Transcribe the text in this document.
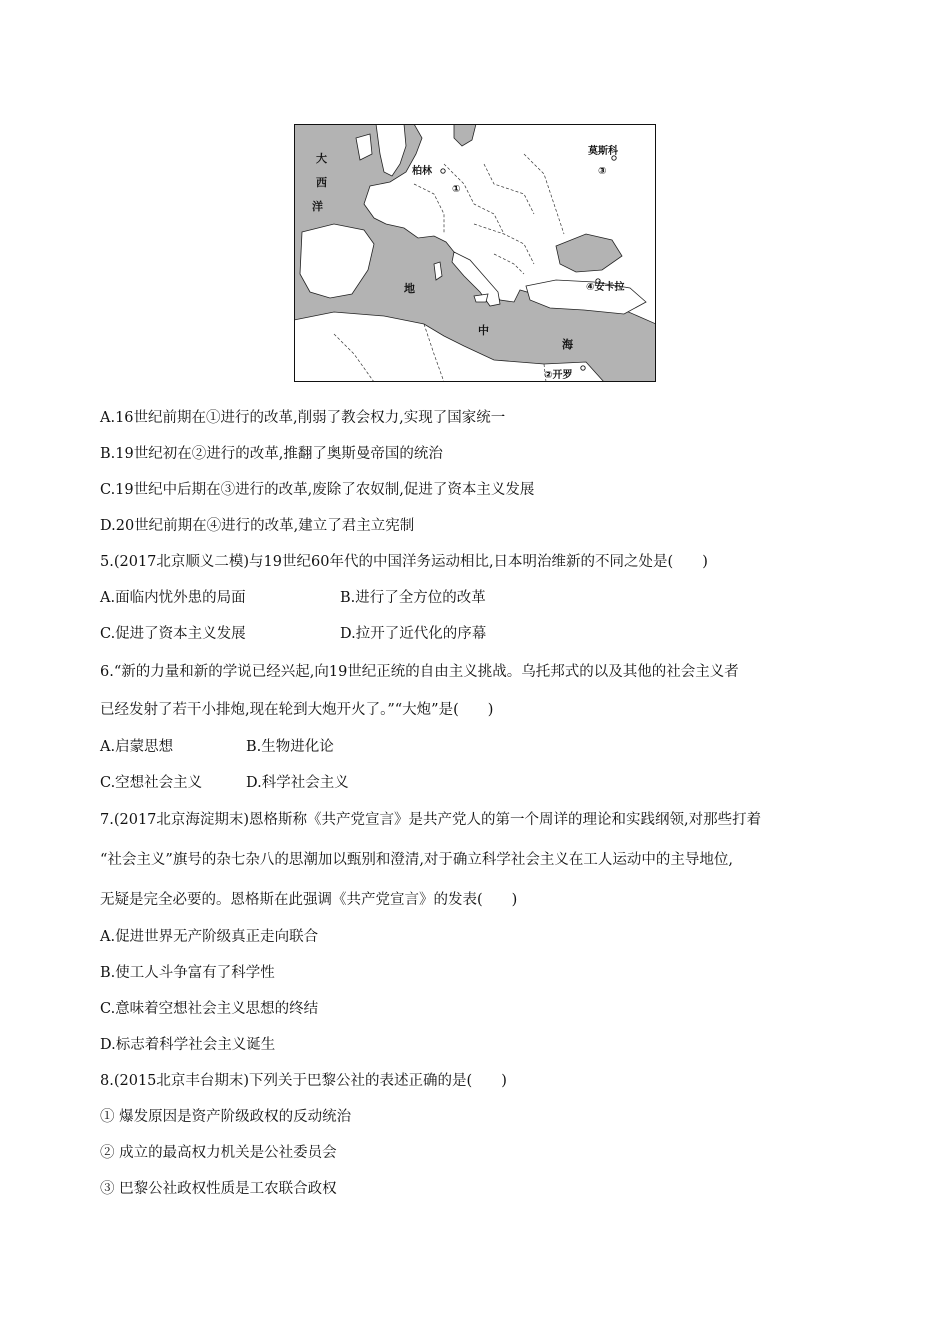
大
西
洋
地
中
海
柏林
①
莫斯科
③
④安卡拉
②开罗
A.16世纪前期在①进行的改革,削弱了教会权力,实现了国家统一
B.19世纪初在②进行的改革,推翻了奥斯曼帝国的统治
C.19世纪中后期在③进行的改革,废除了农奴制,促进了资本主义发展
D.20世纪前期在④进行的改革,建立了君主立宪制
5.(2017北京顺义二模)与19世纪60年代的中国洋务运动相比,日本明治维新的不同之处是(　　)
A.面临内忧外患的局面	B.进行了全方位的改革
C.促进了资本主义发展	D.拉开了近代化的序幕
6.“新的力量和新的学说已经兴起,向19世纪正统的自由主义挑战。乌托邦式的以及其他的社会主义者
已经发射了若干小排炮,现在轮到大炮开火了。”“大炮”是(　　)
A.启蒙思想	B.生物进化论
C.空想社会主义	D.科学社会主义
7.(2017北京海淀期末)恩格斯称《共产党宣言》是共产党人的第一个周详的理论和实践纲领,对那些打着
“社会主义”旗号的杂七杂八的思潮加以甄别和澄清,对于确立科学社会主义在工人运动中的主导地位,
无疑是完全必要的。恩格斯在此强调《共产党宣言》的发表(　　)
A.促进世界无产阶级真正走向联合
B.使工人斗争富有了科学性
C.意味着空想社会主义思想的终结
D.标志着科学社会主义诞生
8.(2015北京丰台期末)下列关于巴黎公社的表述正确的是(　　)
① 爆发原因是资产阶级政权的反动统治
② 成立的最高权力机关是公社委员会
③ 巴黎公社政权性质是工农联合政权
